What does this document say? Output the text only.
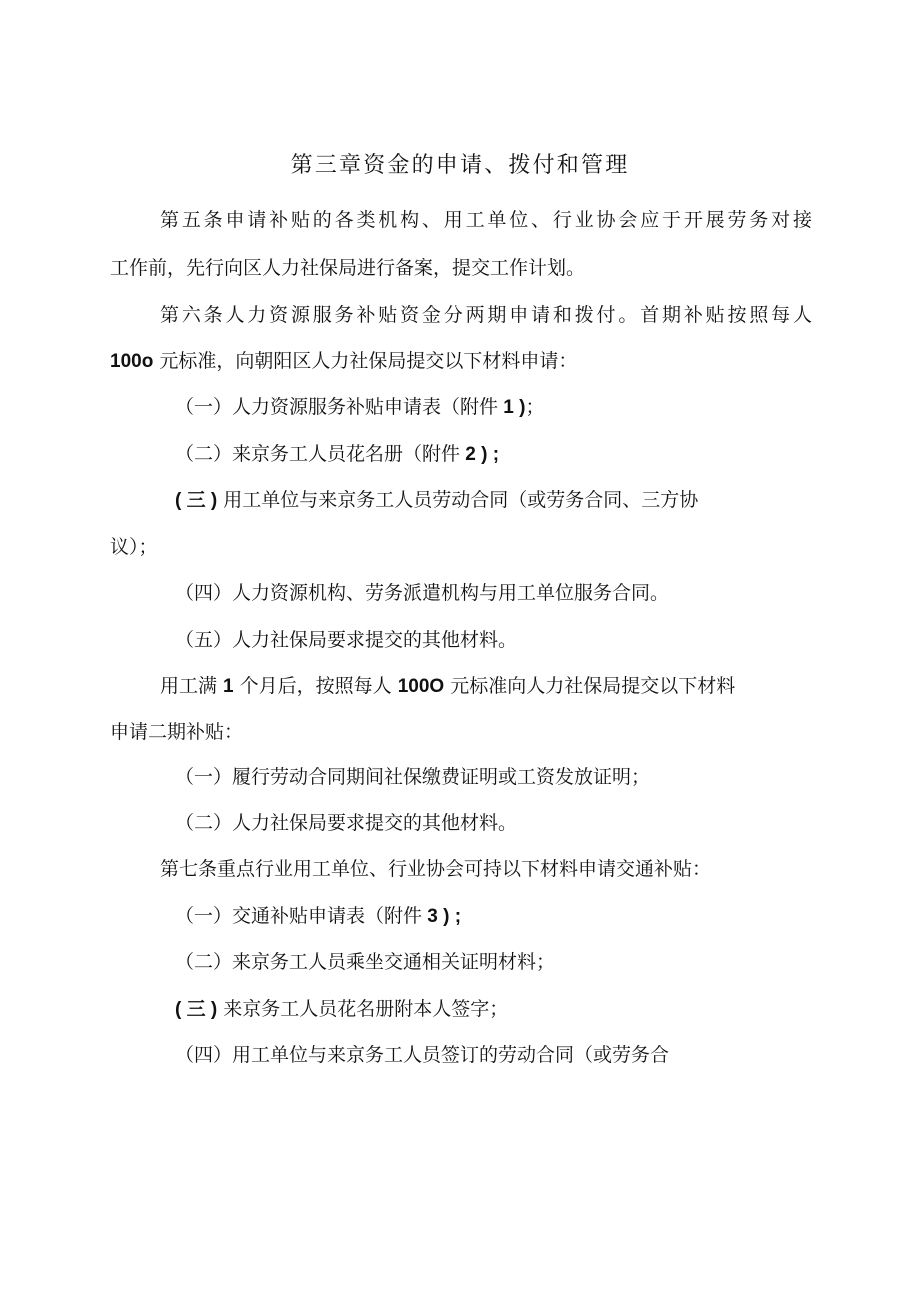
第三章资金的申请、拨付和管理
第五条申请补贴的各类机构、用工单位、行业协会应于开展劳务对接
工作前，先行向区人力社保局进行备案，提交工作计划。
第六条人力资源服务补贴资金分两期申请和拨付。首期补贴按照每人
100o 元标准，向朝阳区人力社保局提交以下材料申请：
（一）人力资源服务补贴申请表（附件 1 )；
（二）来京务工人员花名册（附件 2 ) ;
( 三 ) 用工单位与来京务工人员劳动合同（或劳务合同、三方协
议）；
（四）人力资源机构、劳务派遣机构与用工单位服务合同。
（五）人力社保局要求提交的其他材料。
用工满 1 个月后，按照每人 100O 元标准向人力社保局提交以下材料
申请二期补贴：
（一）履行劳动合同期间社保缴费证明或工资发放证明；
（二）人力社保局要求提交的其他材料。
第七条重点行业用工单位、行业协会可持以下材料申请交通补贴：
（一）交通补贴申请表（附件 3 ) ;
（二）来京务工人员乘坐交通相关证明材料；
( 三 ) 来京务工人员花名册附本人签字；
（四）用工单位与来京务工人员签订的劳动合同（或劳务合
